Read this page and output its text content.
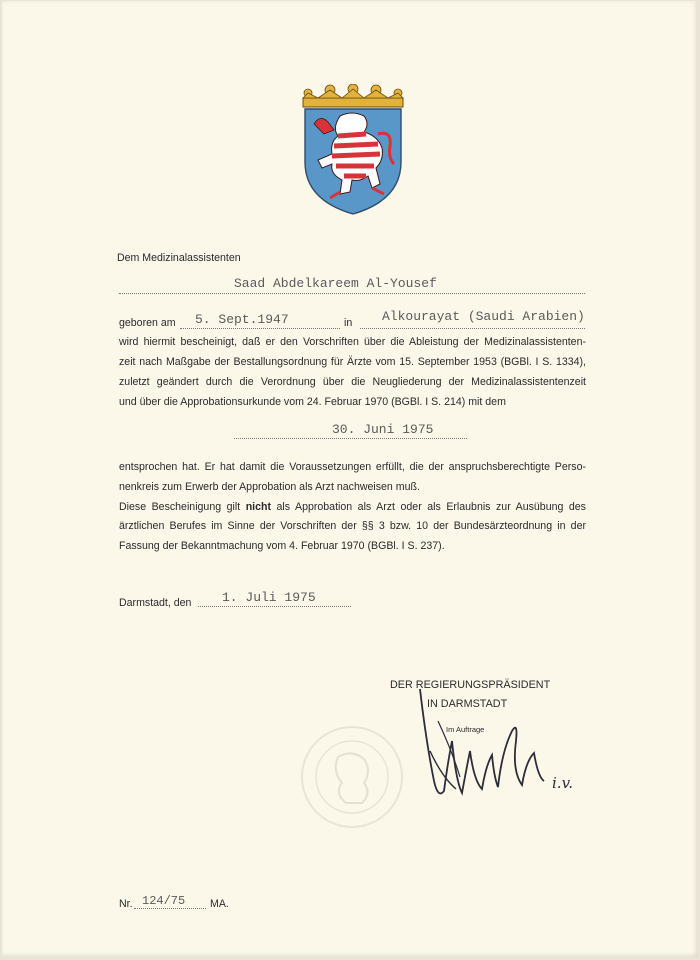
Dem Medizinalassistenten
Saad Abdelkareem Al-Yousef
geboren am 5. Sept.1947	in Alkourayat (Saudi Arabien)
wird hiermit bescheinigt, daß er den Vorschriften über die Ableistung der Medizinalassistenten-
zeit nach Maßgabe der Bestallungsordnung für Ärzte vom 15. September 1953 (BGBl. I S. 1334),
zuletzt geändert durch die Verordnung über die Neugliederung der Medizinalassistentenzeit
und über die Approbationsurkunde vom 24. Februar 1970 (BGBl. I S. 214) mit dem
30. Juni 1975
entsprochen hat. Er hat damit die Voraussetzungen erfüllt, die der anspruchsberechtigte Perso-
nenkreis zum Erwerb der Approbation als Arzt nachweisen muß.
Diese Bescheinigung gilt nicht als Approbation als Arzt oder als Erlaubnis zur Ausübung des
ärztlichen Berufes im Sinne der Vorschriften der §§ 3 bzw. 10 der Bundesärzteordnung in der
Fassung der Bekanntmachung vom 4. Februar 1970 (BGBl. I S. 237).
Darmstadt, den 1. Juli 1975
DER REGIERUNGSPRÄSIDENT
IN DARMSTADT
Im Auftrage
i.v.
Nr. 124/75 MA.
